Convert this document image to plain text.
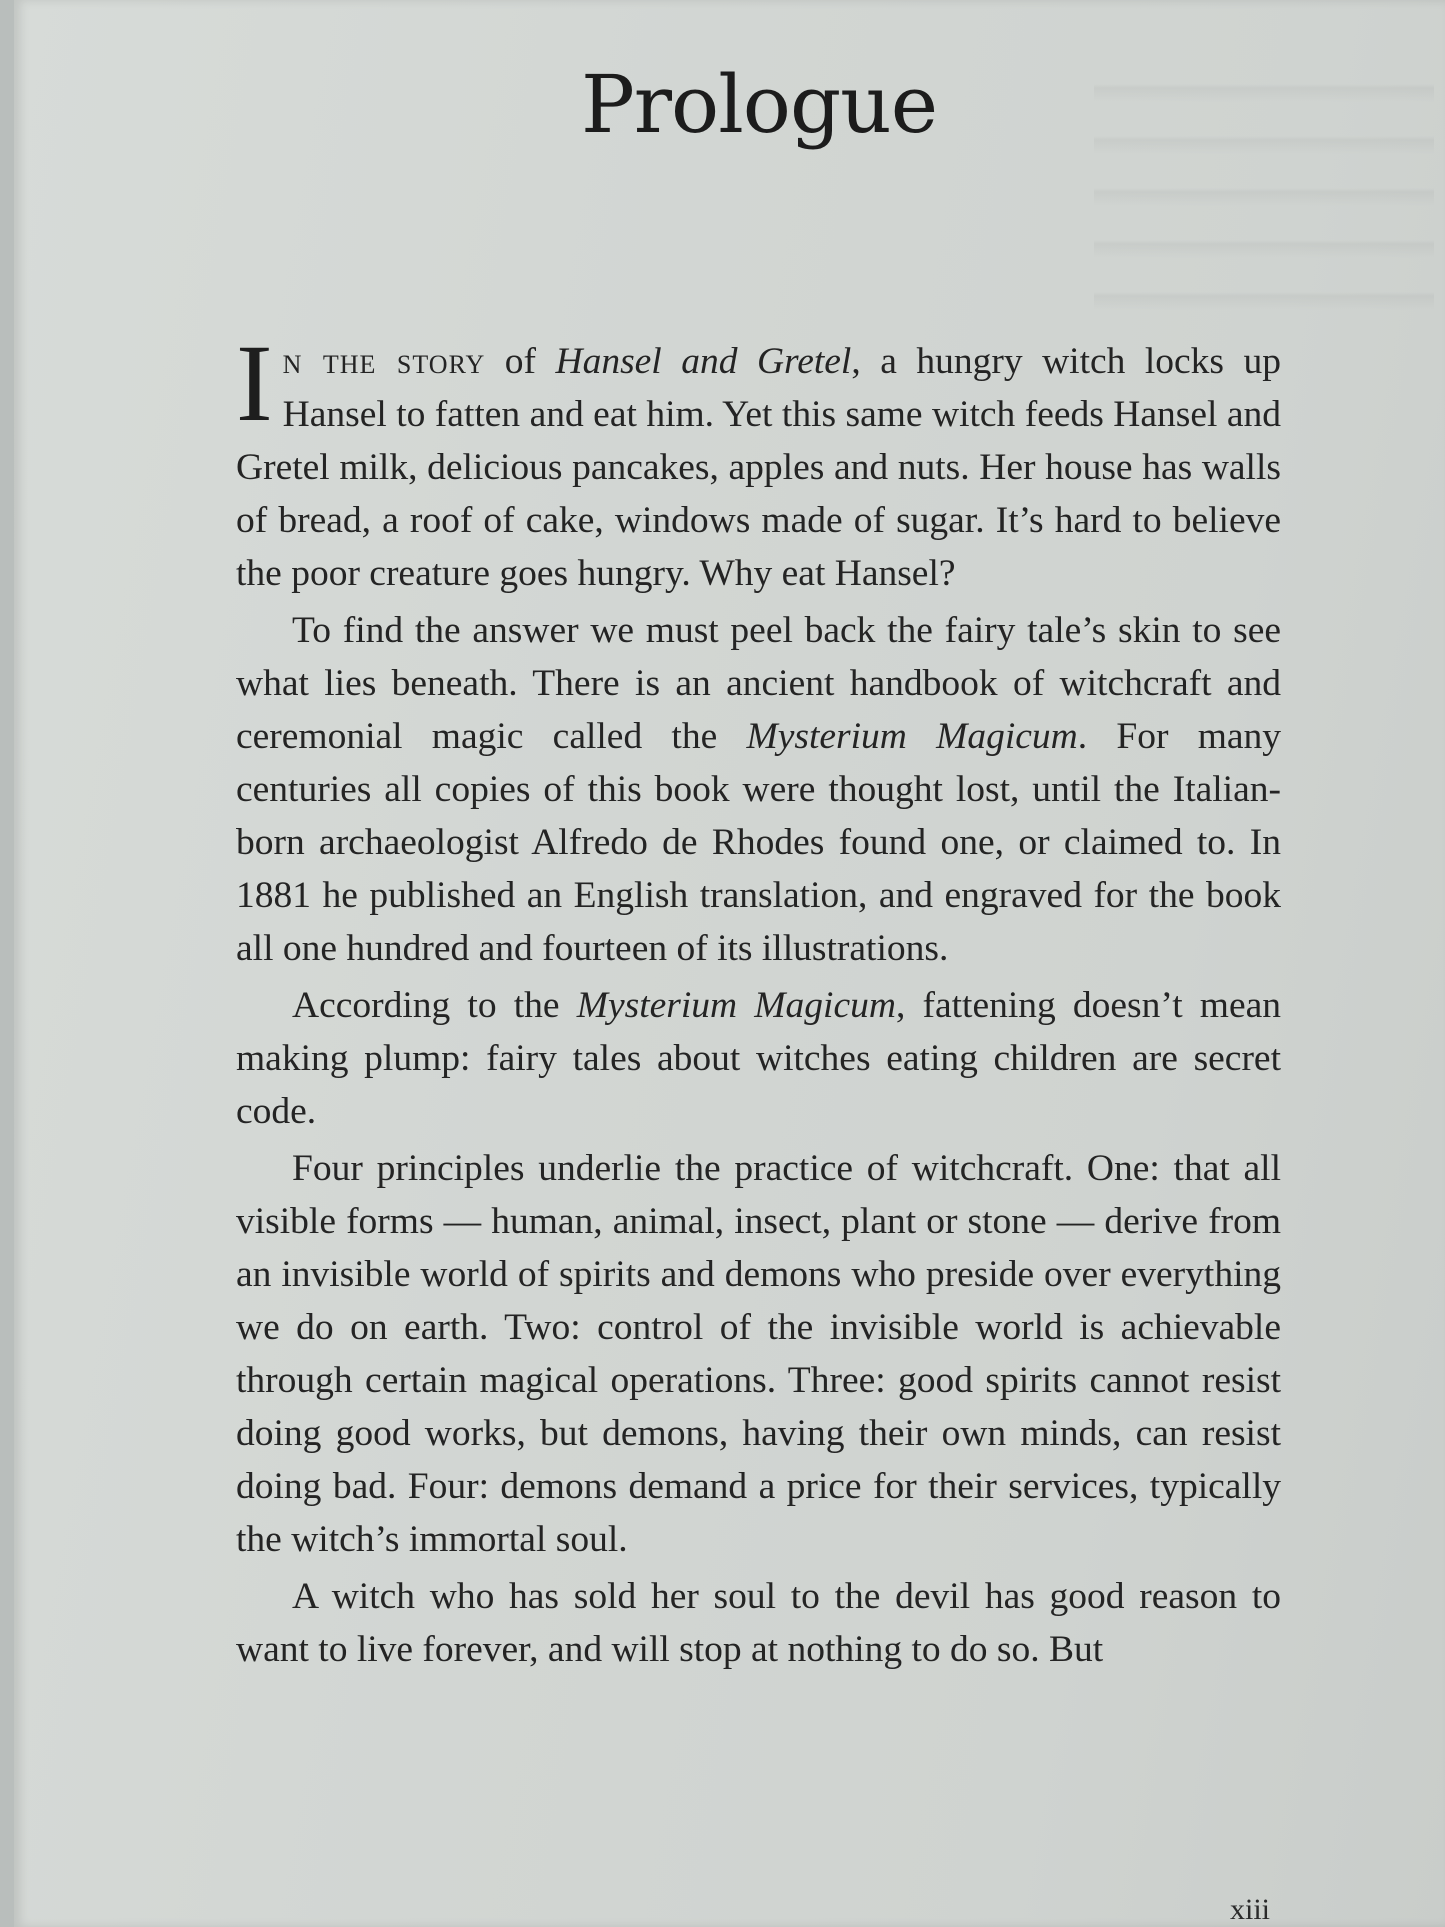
Prologue

In the story of Hansel and Gretel, a hungry witch locks up Hansel to fatten and eat him. Yet this same witch feeds Hansel and Gretel milk, delicious pancakes, apples and nuts. Her house has walls of bread, a roof of cake, windows made of sugar. It’s hard to believe the poor creature goes hungry. Why eat Hansel?

To find the answer we must peel back the fairy tale’s skin to see what lies beneath. There is an ancient handbook of witchcraft and ceremonial magic called the Mysterium Magicum. For many centuries all copies of this book were thought lost, until the Italian-born archaeologist Alfredo de Rhodes found one, or claimed to. In 1881 he published an English translation, and engraved for the book all one hundred and fourteen of its illustrations.

According to the Mysterium Magicum, fattening doesn’t mean making plump: fairy tales about witches eating children are secret code.

Four principles underlie the practice of witchcraft. One: that all visible forms — human, animal, insect, plant or stone — derive from an invisible world of spirits and demons who preside over everything we do on earth. Two: control of the invisible world is achievable through certain magical operations. Three: good spirits cannot resist doing good works, but demons, having their own minds, can resist doing bad. Four: demons demand a price for their services, typically the witch’s immortal soul.

A witch who has sold her soul to the devil has good reason to want to live forever, and will stop at nothing to do so. But

xiii
